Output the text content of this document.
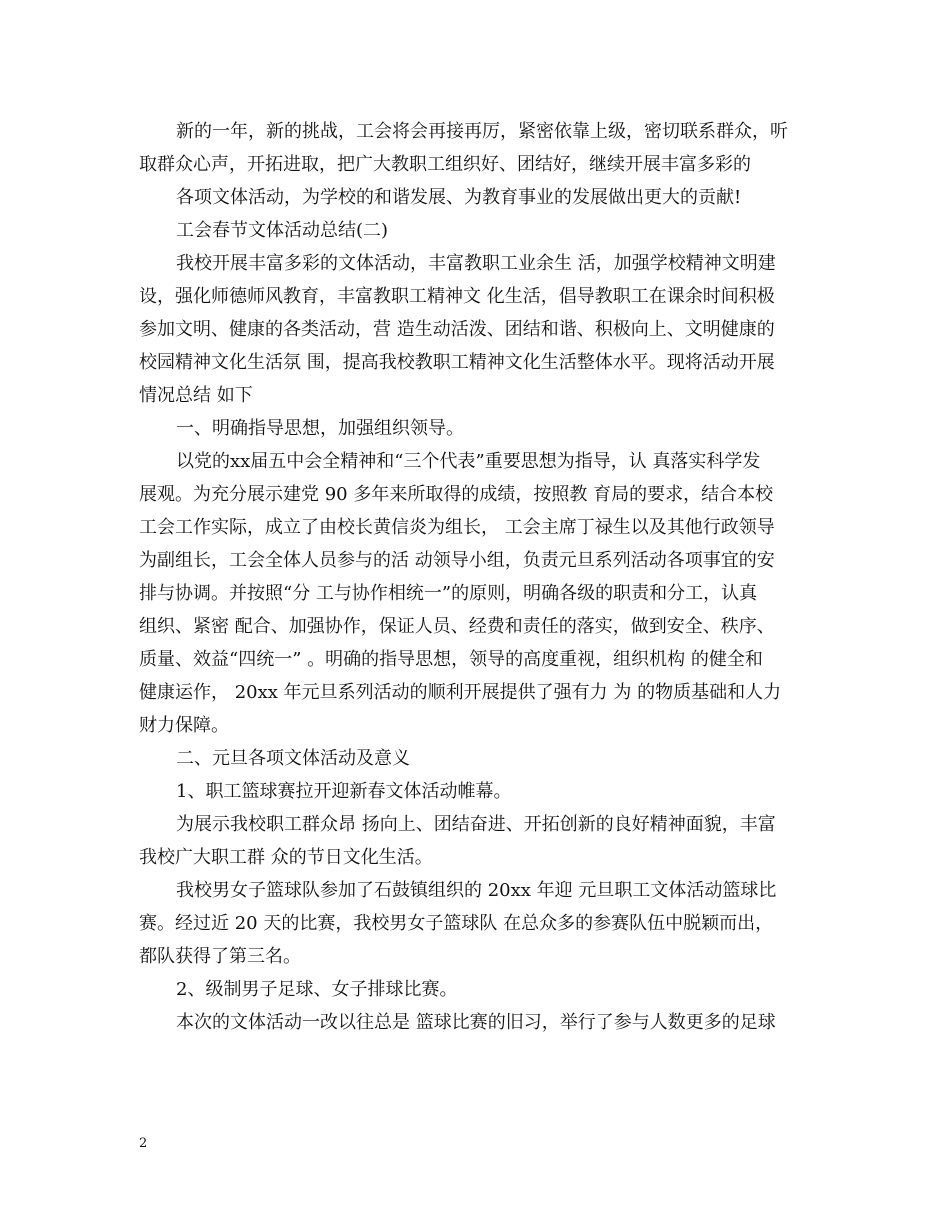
新的一年，新的挑战，工会将会再接再厉，紧密依靠上级，密切联系群众，听
取群众心声，开拓进取，把广大教职工组织好、团结好，继续开展丰富多彩的
各项文体活动，为学校的和谐发展、为教育事业的发展做出更大的贡献!
工会春节文体活动总结(二)
我校开展丰富多彩的文体活动，丰富教职工业余生 活，加强学校精神文明建
设，强化师德师风教育，丰富教职工精神文 化生活，倡导教职工在课余时间积极
参加文明、健康的各类活动，营 造生动活泼、团结和谐、积极向上、文明健康的
校园精神文化生活氛 围，提高我校教职工精神文化生活整体水平。现将活动开展
情况总结 如下
一、明确指导思想，加强组织领导。
以党的xx届五中会全精神和“三个代表”重要思想为指导，认 真落实科学发
展观。为充分展示建党 90 多年来所取得的成绩，按照教 育局的要求，结合本校
工会工作实际，成立了由校长黄信炎为组长， 工会主席丁禄生以及其他行政领导
为副组长，工会全体人员参与的活 动领导小组，负责元旦系列活动各项事宜的安
排与协调。并按照“分 工与协作相统一”的原则，明确各级的职责和分工，认真
组织、紧密 配合、加强协作，保证人员、经费和责任的落实，做到安全、秩序、
质量、效益“四统一” 。明确的指导思想，领导的高度重视，组织机构 的健全和
健康运作， 20xx 年元旦系列活动的顺利开展提供了强有力 为 的物质基础和人力
财力保障。
二、元旦各项文体活动及意义
1、职工篮球赛拉开迎新春文体活动帷幕。
为展示我校职工群众昂 扬向上、团结奋进、开拓创新的良好精神面貌，丰富
我校广大职工群 众的节日文化生活。
我校男女子篮球队参加了石鼓镇组织的 20xx 年迎 元旦职工文体活动篮球比
赛。经过近 20 天的比赛，我校男女子篮球队 在总众多的参赛队伍中脱颖而出，
都队获得了第三名。
2、级制男子足球、女子排球比赛。
本次的文体活动一改以往总是 篮球比赛的旧习，举行了参与人数更多的足球
2
